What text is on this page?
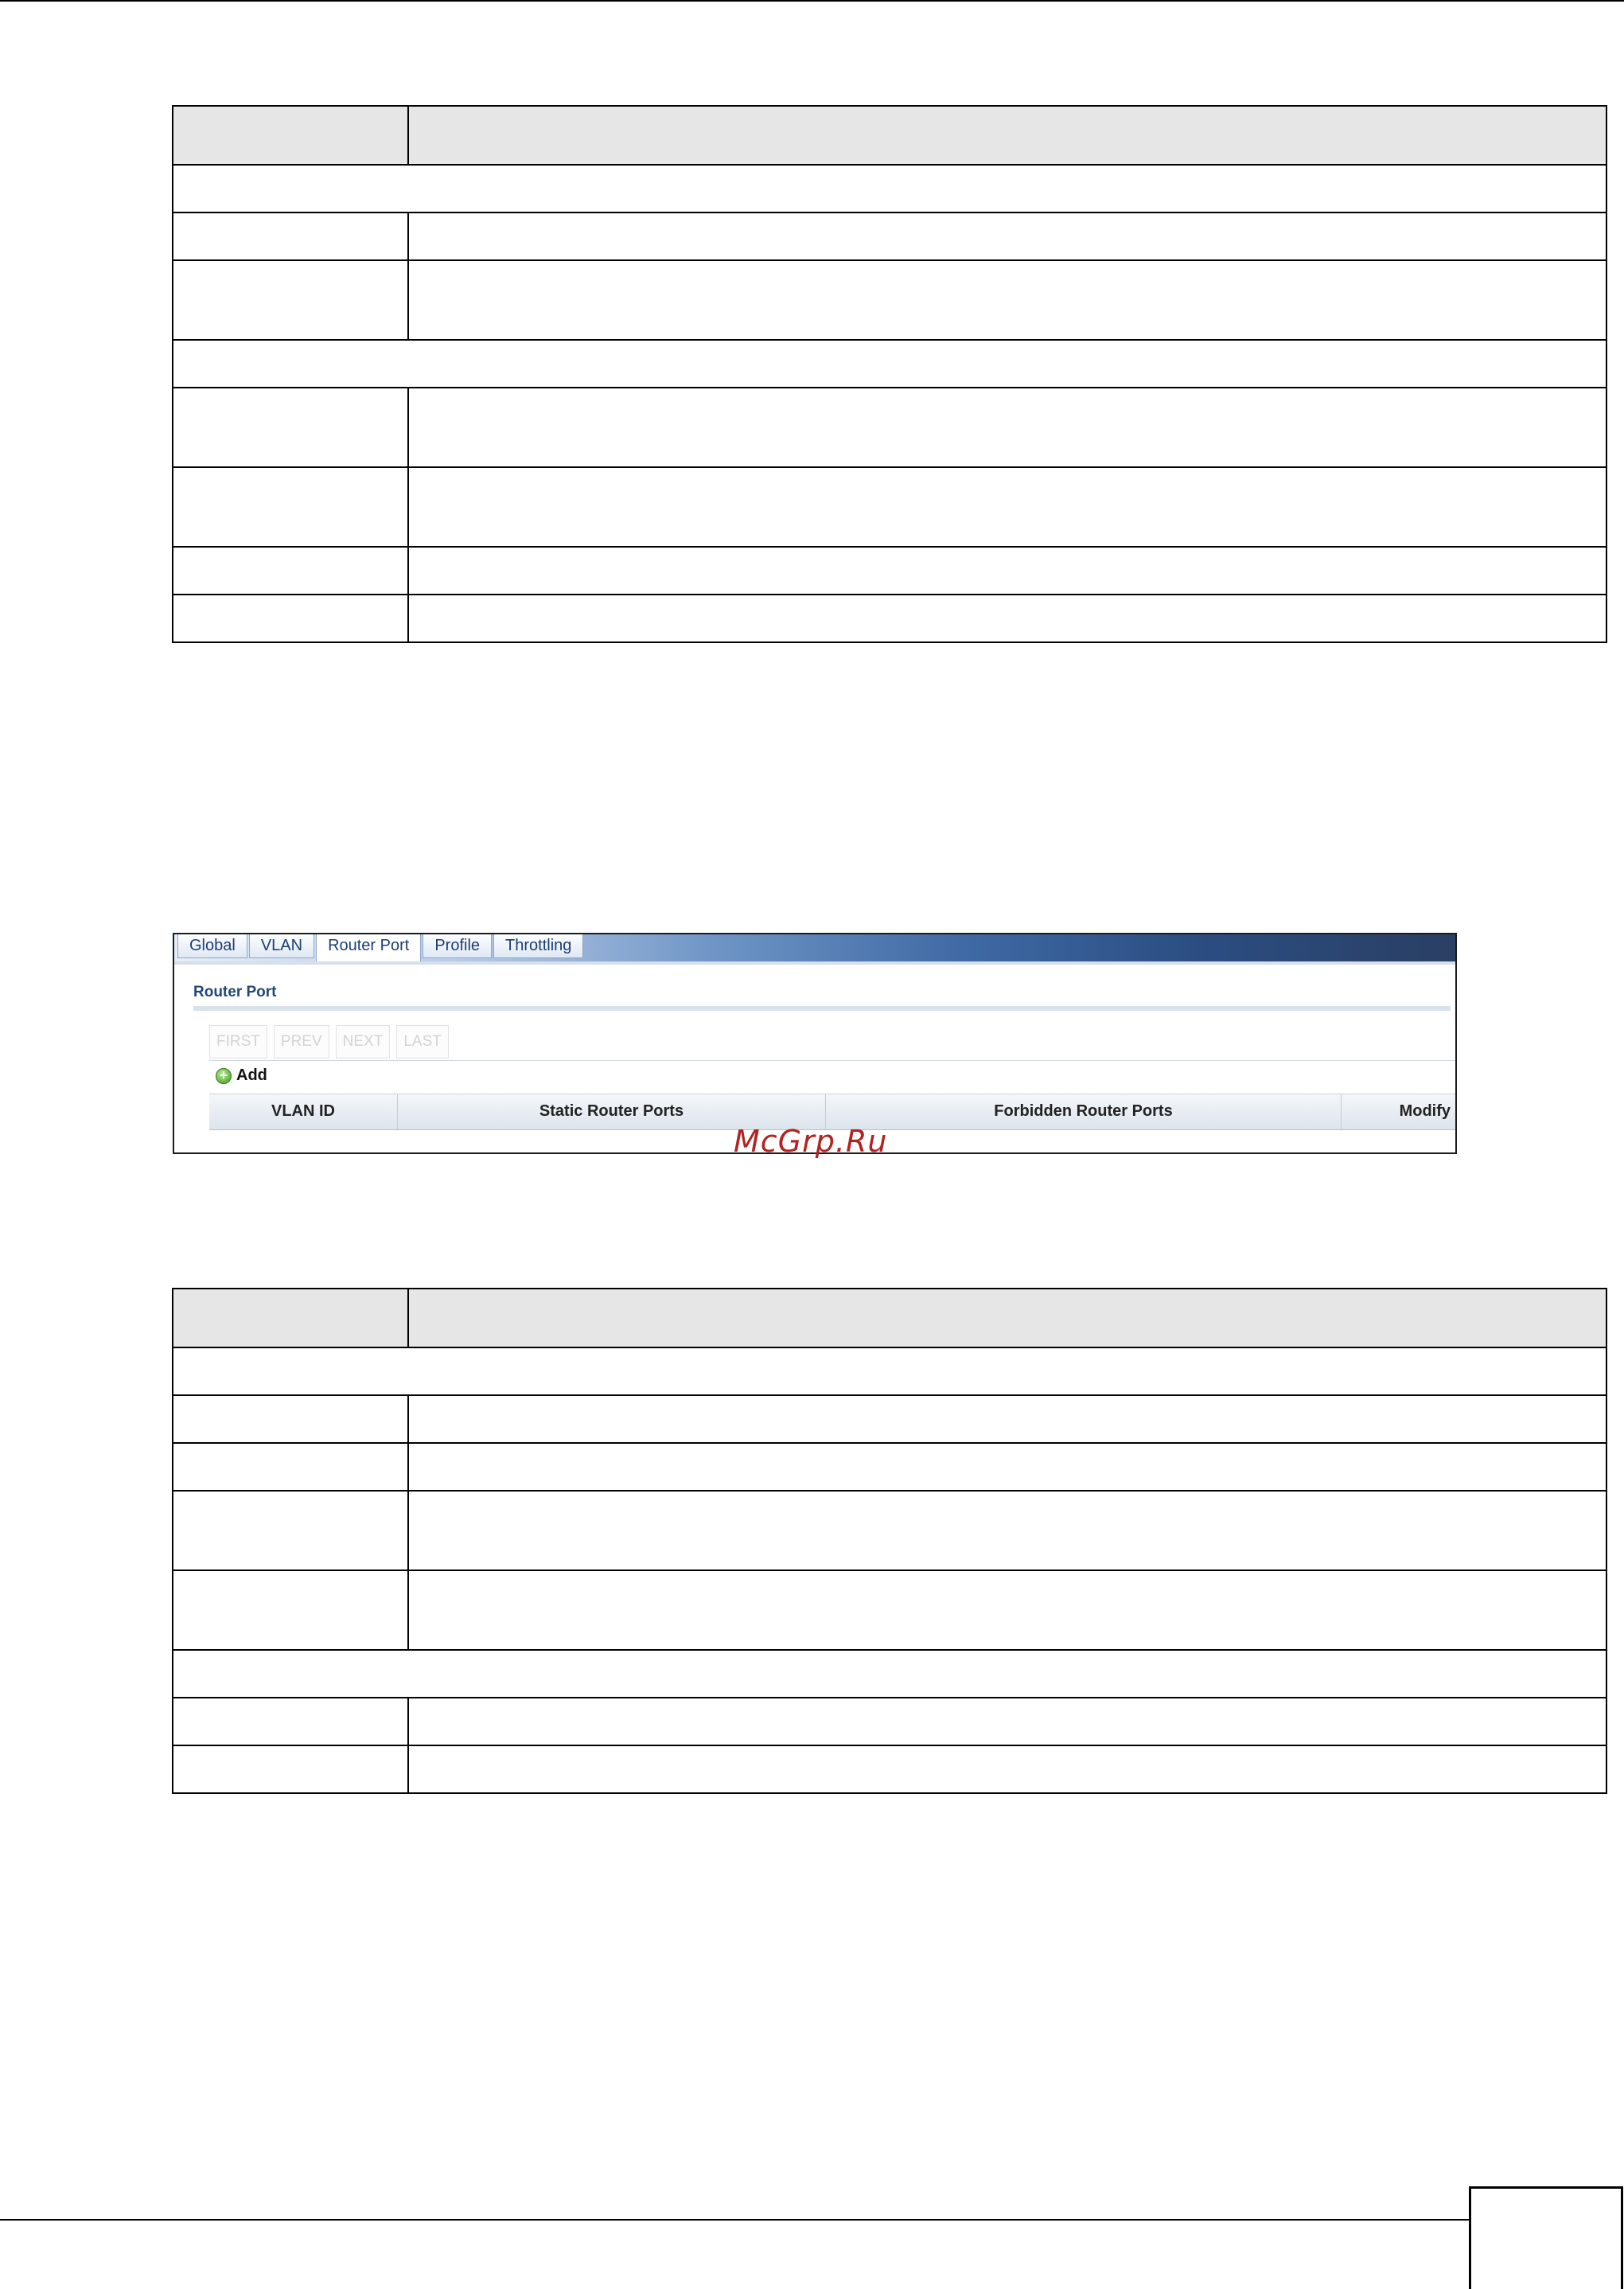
Global	VLAN	Router Port	Profile	Throttling
Router Port
FIRST	PREV	NEXT	LAST
+ Add
VLAN ID	Static Router Ports	Forbidden Router Ports	Modify
McGrp.Ru
